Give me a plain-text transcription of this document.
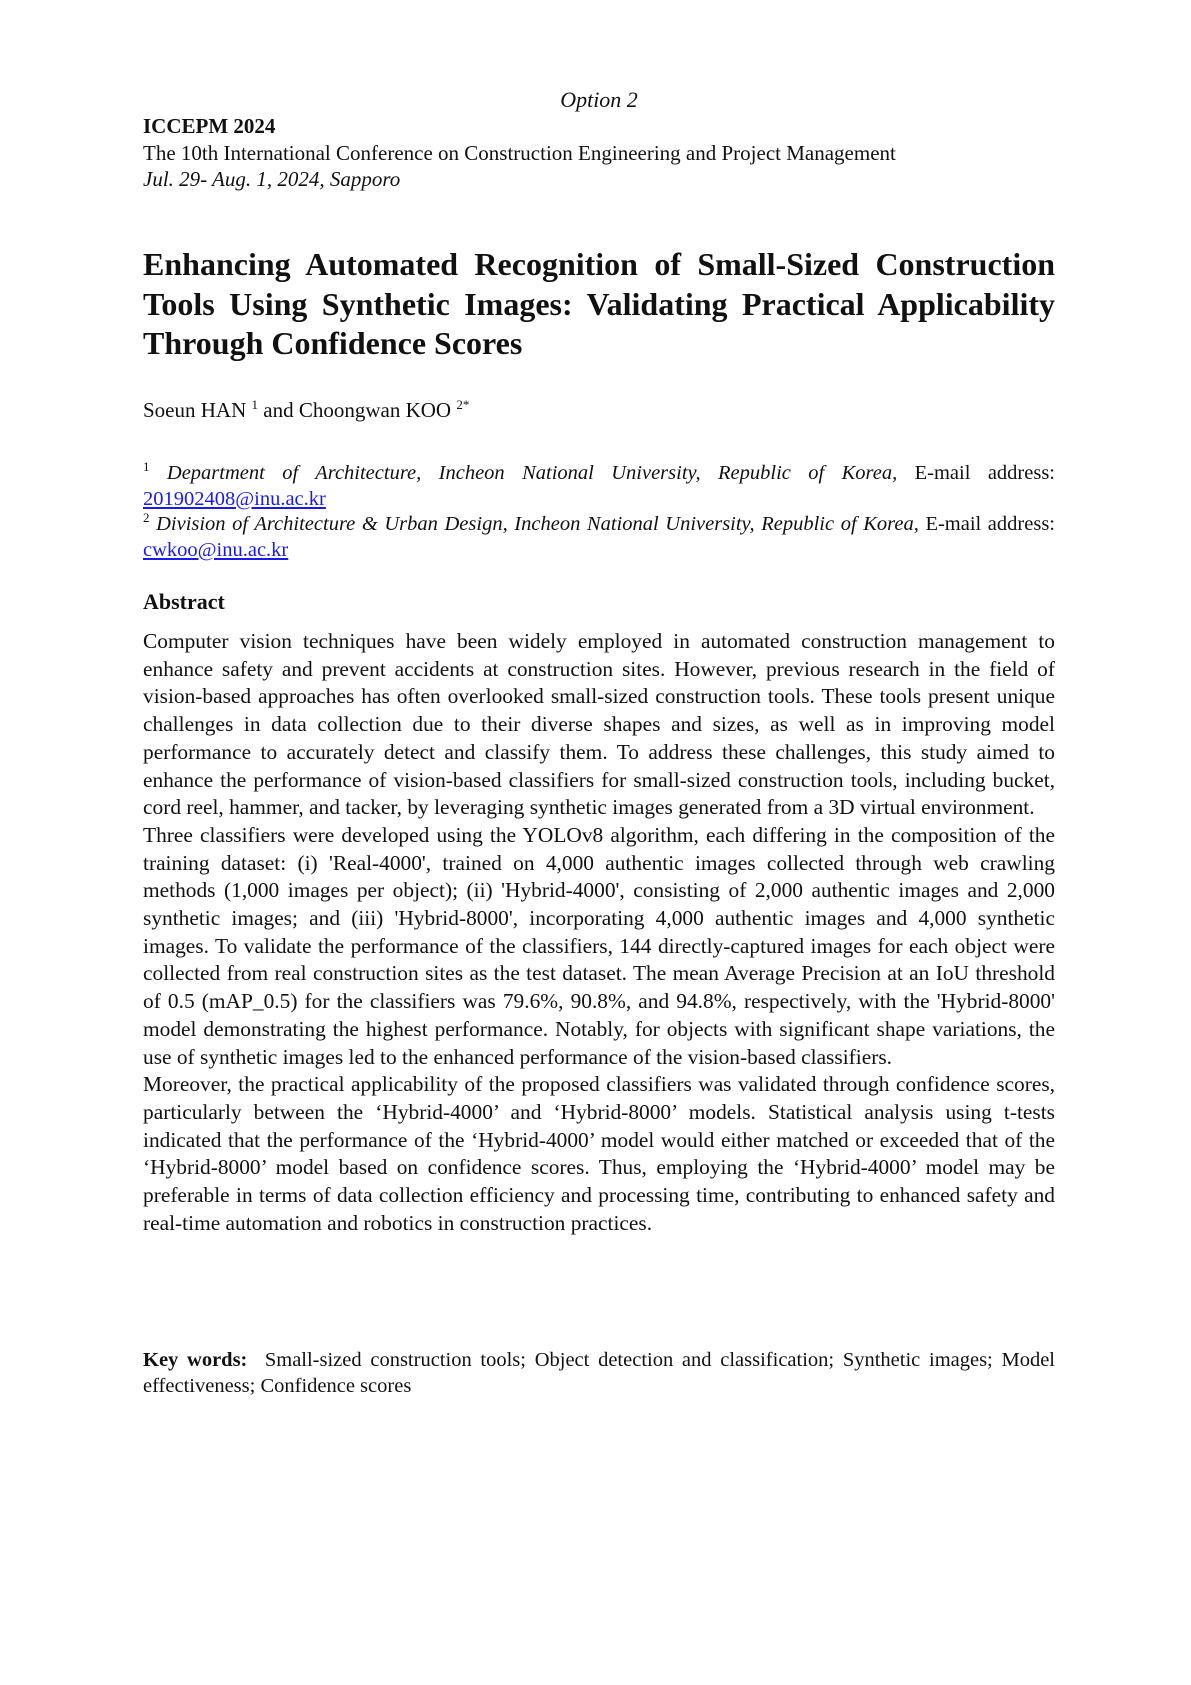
Option 2
ICCEPM 2024
The 10th International Conference on Construction Engineering and Project Management
Jul. 29- Aug. 1, 2024, Sapporo
Enhancing Automated Recognition of Small-Sized Construction Tools Using Synthetic Images: Validating Practical Applicability Through Confidence Scores
Soeun HAN $^1$ and Choongwan KOO $^{2*}$
$^1$ Department of Architecture, Incheon National University, Republic of Korea, E-mail address: 201902408@inu.ac.kr
$^2$ Division of Architecture & Urban Design, Incheon National University, Republic of Korea, E-mail address: cwkoo@inu.ac.kr
Abstract

Computer vision techniques have been widely employed in automated construction management to enhance safety and prevent accidents at construction sites. However, previous research in the field of vision-based approaches has often overlooked small-sized construction tools. These tools present unique challenges in data collection due to their diverse shapes and sizes, as well as in improving model performance to accurately detect and classify them. To address these challenges, this study aimed to enhance the performance of vision-based classifiers for small-sized construction tools, including bucket, cord reel, hammer, and tacker, by leveraging synthetic images generated from a 3D virtual environment.

Three classifiers were developed using the YOLOv8 algorithm, each differing in the composition of the training dataset: (i) 'Real-4000', trained on 4,000 authentic images collected through web crawling methods (1,000 images per object); (ii) 'Hybrid-4000', consisting of 2,000 authentic images and 2,000 synthetic images; and (iii) 'Hybrid-8000', incorporating 4,000 authentic images and 4,000 synthetic images. To validate the performance of the classifiers, 144 directly-captured images for each object were collected from real construction sites as the test dataset. The mean Average Precision at an IoU threshold of 0.5 (mAP_0.5) for the classifiers was 79.6%, 90.8%, and 94.8%, respectively, with the 'Hybrid-8000' model demonstrating the highest performance. Notably, for objects with significant shape variations, the use of synthetic images led to the enhanced performance of the vision-based classifiers.

Moreover, the practical applicability of the proposed classifiers was validated through confidence scores, particularly between the ‘Hybrid-4000’ and ‘Hybrid-8000’ models. Statistical analysis using t-tests indicated that the performance of the ‘Hybrid-4000’ model would either matched or exceeded that of the ‘Hybrid-8000’ model based on confidence scores. Thus, employing the ‘Hybrid-4000’ model may be preferable in terms of data collection efficiency and processing time, contributing to enhanced safety and real-time automation and robotics in construction practices.

Key words: Small-sized construction tools; Object detection and classification; Synthetic images; Model effectiveness; Confidence scores
